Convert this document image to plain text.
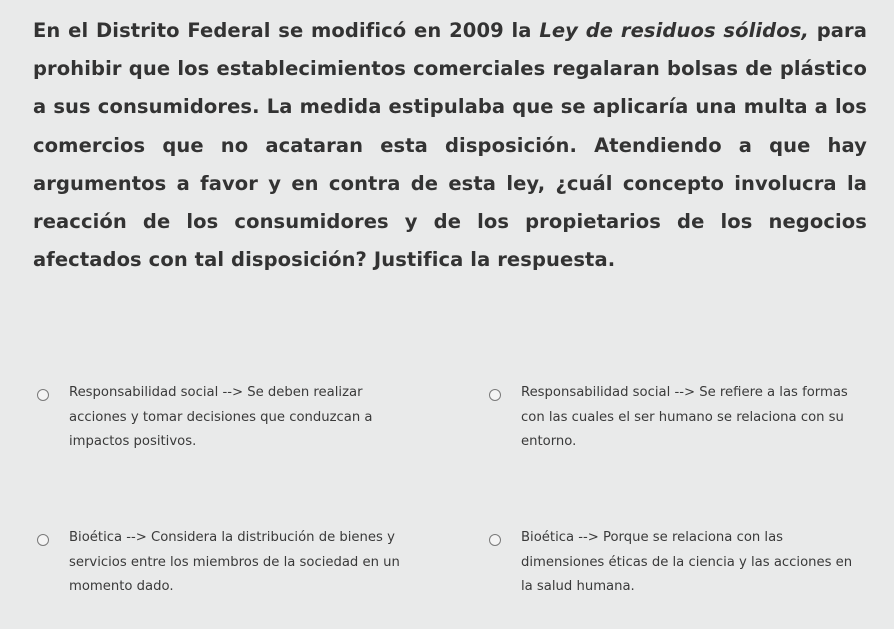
En el Distrito Federal se modificó en 2009 la Ley de residuos sólidos, para prohibir que los establecimientos comerciales regalaran bolsas de plástico a sus consumidores. La medida estipulaba que se aplicaría una multa a los comercios que no acataran esta disposición. Atendiendo a que hay argumentos a favor y en contra de esta ley, ¿cuál concepto involucra la reacción de los consumidores y de los propietarios de los negocios afectados con tal disposición? Justifica la respuesta.
Responsabilidad social --> Se deben realizar
acciones y tomar decisiones que conduzcan a
impactos positivos.
Responsabilidad social --> Se refiere a las formas
con las cuales el ser humano se relaciona con su
entorno.
Bioética --> Considera la distribución de bienes y
servicios entre los miembros de la sociedad en un
momento dado.
Bioética --> Porque se relaciona con las
dimensiones éticas de la ciencia y las acciones en
la salud humana.
